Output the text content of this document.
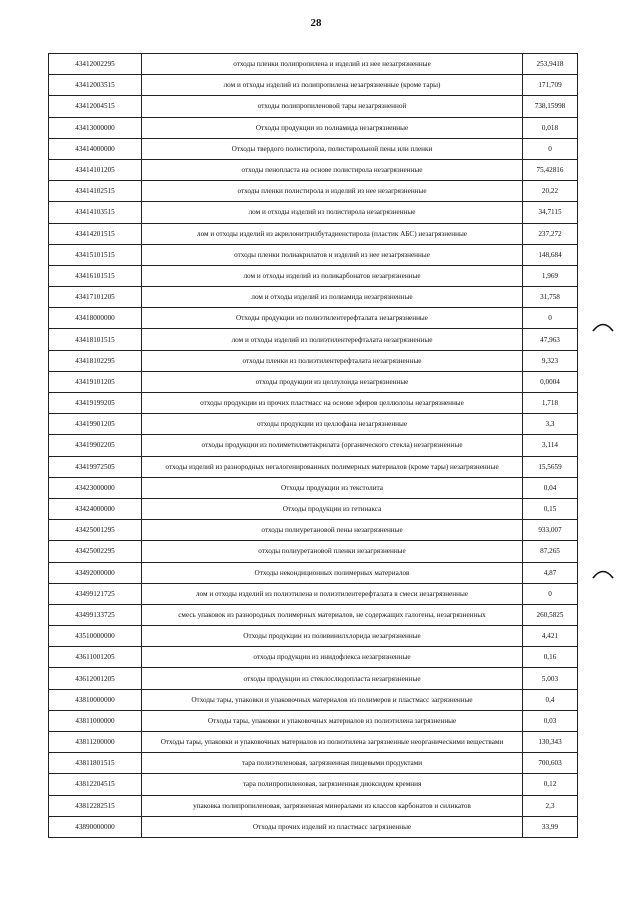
28
43412002295	отходы пленки полипропилена и изделий из нее незагрязненные	253,9418
43412003515	лом и отходы изделий из полипропилена незагрязненные (кроме тары)	171,709
43412004515	отходы полипропиленовой тары незагрязненной	738,15998
43413000000	Отходы продукции из полиамида незагрязненные	0,018
43414000000	Отходы твердого полистирола, полистирольной пены или пленки	0
43414101205	отходы пенопласта на основе полистирола незагрязненные	75,42816
43414102515	отходы пленки полистирола и изделий из нее незагрязненные	20,22
43414103515	лом и отходы изделий из полистирола незагрязненные	34,7115
43414201515	лом и отходы изделий из акрилонитрилбутадиенстирола (пластик АБС) незагрязненные	237,272
43415101515	отходы пленки полиакрилатов и изделий из нее незагрязненные	148,684
43416101515	лом и отходы изделий из поликарбонатов незагрязненные	1,969
43417101205	лом и отходы изделий из полиамида незагрязненные	31,758
43418000000	Отходы продукции из полиэтилентерефталата незагрязненные	0
43418101515	лом и отходы изделий из полиэтилентерефталата незагрязненные	47,963
43418102295	отходы пленки из полиэтилентерефталата незагрязненные	9,323
43419101205	отходы продукции из целлулоида незагрязненные	0,0004
43419199205	отходы продукции из прочих пластмасс на основе эфиров целлюлозы незагрязненные	1,718
43419901205	отходы продукции из целлофана незагрязненные	3,3
43419902205	отходы продукции из полиметилметакрилата (органического стекла) незагрязненные	3,114
43419972505	отходы изделий из разнородных негалогенированных полимерных материалов (кроме тары) незагрязненные	15,5659
43423000000	Отходы продукции из текстолита	0,04
43424000000	Отходы продукции из гетинакса	0,15
43425001295	отходы полиуретановой пены незагрязненные	933,007
43425002295	отходы полиуретановой пленки незагрязненные	87,265
43492000000	Отходы некондиционных полимерных материалов	4,87
43499121725	лом и отходы изделий из полиэтилена и полиэтилентерефталата в смеси незагрязненные	0
43499133725	смесь упаковок из разнородных полимерных материалов, не содержащих галогены, незагрязненных	260,5825
43510000000	Отходы продукции из поливинилхлорида незагрязненные	4,421
43611001205	отходы продукции из инидофлекса незагрязненные	0,16
43612001205	отходы продукции из стеклослюдопласта незагрязненные	5,003
43810000000	Отходы тары, упаковки и упаковочных материалов из полимеров и пластмасс загрязненные	0,4
43811000000	Отходы тары, упаковки и упаковочных материалов из полиэтилена загрязненные	0,03
43811200000	Отходы тары, упаковки и упаковочных материалов из полиэтилена загрязненные неорганическими веществами	130,343
43811801515	тара полиэтиленовая, загрязненная пищевыми продуктами	700,603
43812204515	тара полипропиленовая, загрязненная диоксидом кремния	0,12
43812282515	упаковка полипропиленовая, загрязненная минералами из классов карбонатов и силикатов	2,3
43890000000	Отходы прочих изделий из пластмасс загрязненные	33,99
